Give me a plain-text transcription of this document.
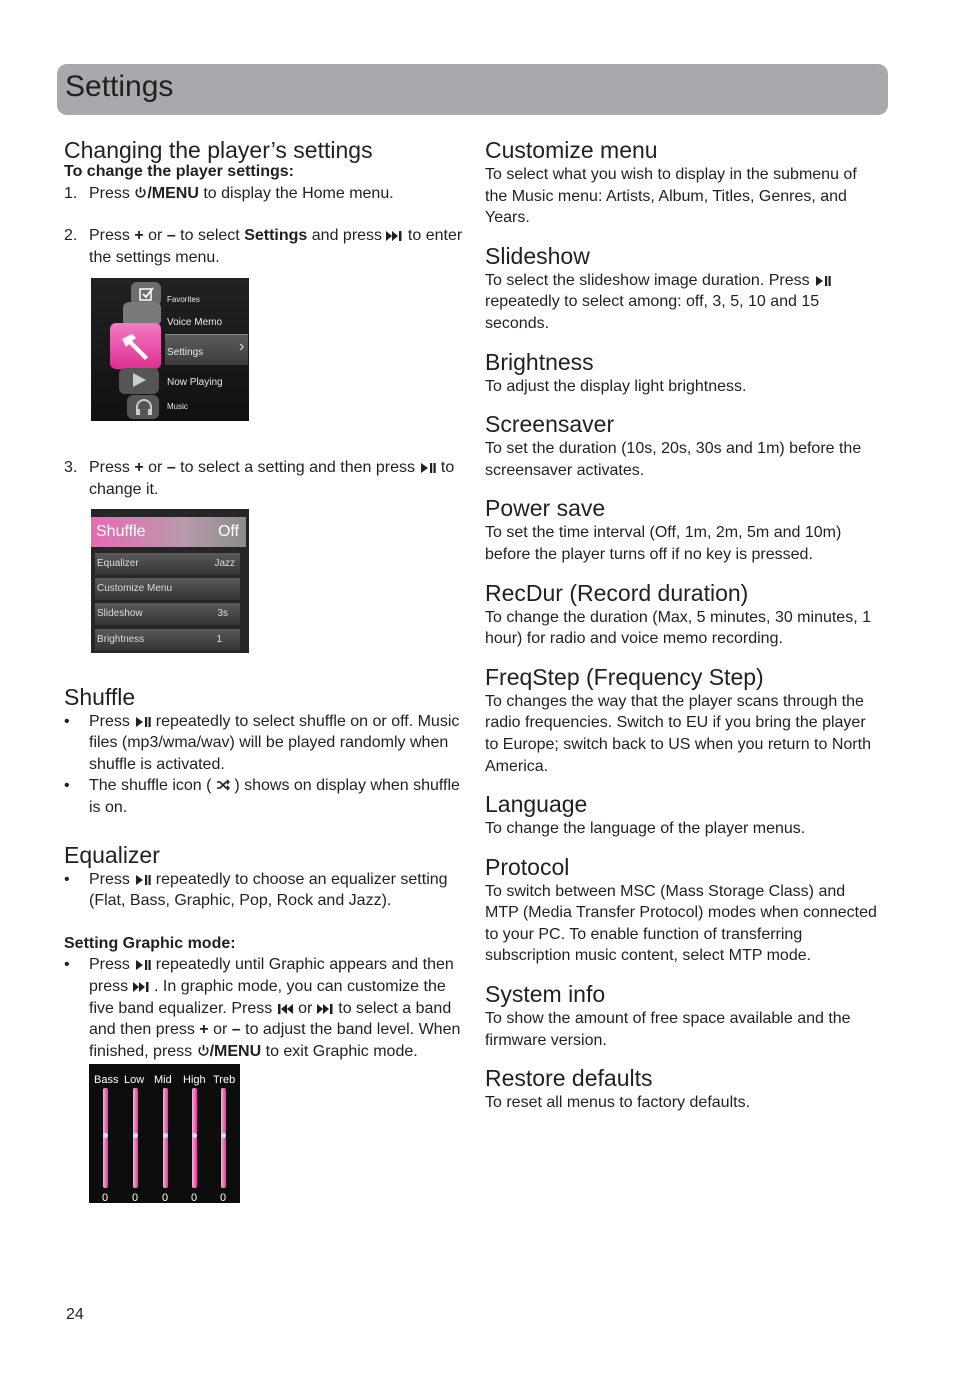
Settings
Changing the player’s settings

To change the player settings:

1. Press /MENU to display the Home menu.
2. Press + or – to select Settings and press  to enter the settings menu.
Favorites
Voice Memo
Settings ›
Now Playing
Music
3. Press + or – to select a setting and then press  to change it.
Shuffle	Off
Equalizer	Jazz
Customize Menu
Slideshow	3s
Brightness	1
Shuffle
• Press  repeatedly to select shuffle on or off. Music files (mp3/wma/wav) will be played randomly when shuffle is activated.
• The shuffle icon (  ) shows on display when shuffle is on.
Equalizer
• Press  repeatedly to choose an equalizer setting (Flat, Bass, Graphic, Pop, Rock and Jazz).

Setting Graphic mode:

• Press  repeatedly until Graphic appears and then press  . In graphic mode, you can customize the five band equalizer. Press  or  to select a band and then press + or – to adjust the band level. When finished, press /MENU to exit Graphic mode.
Bass Low Mid High Treb
0 0 0 0 0
Customize menu

To select what you wish to display in the submenu of the Music menu: Artists, Album, Titles, Genres, and Years.

Slideshow

To select the slideshow image duration. Press  repeatedly to select among: off, 3, 5, 10 and 15 seconds.

Brightness

To adjust the display light brightness.

Screensaver

To set the duration (10s, 20s, 30s and 1m) before the screensaver activates.

Power save

To set the time interval (Off, 1m, 2m, 5m and 10m) before the player turns off if no key is pressed.

RecDur (Record duration)

To change the duration (Max, 5 minutes, 30 minutes, 1 hour) for radio and voice memo recording.

FreqStep (Frequency Step)

To changes the way that the player scans through the radio frequencies. Switch to EU if you bring the player to Europe; switch back to US when you return to North America.

Language

To change the language of the player menus.

Protocol

To switch between MSC (Mass Storage Class) and MTP (Media Transfer Protocol) modes when connected to your PC. To enable function of transferring subscription music content, select MTP mode.

System info

To show the amount of free space available and the firmware version.

Restore defaults

To reset all menus to factory defaults.

24
